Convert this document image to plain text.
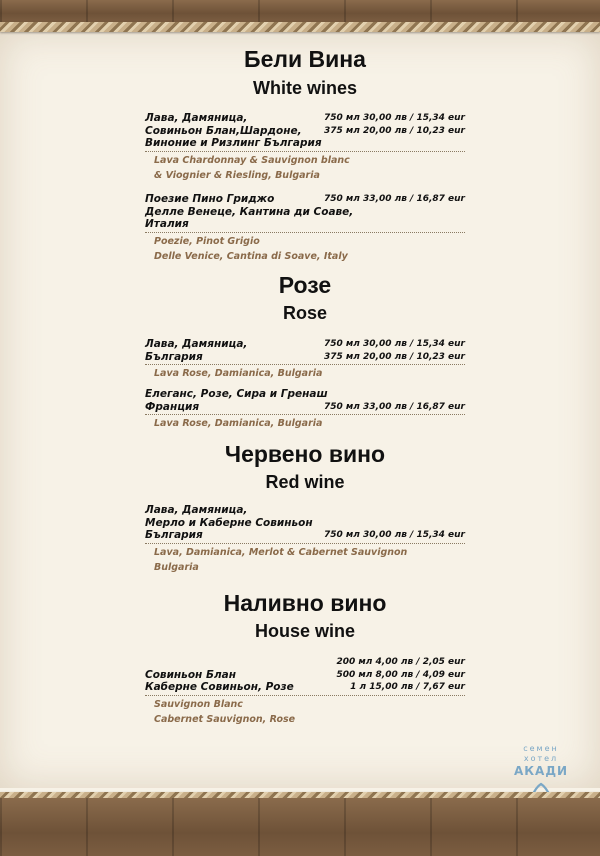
Бели Вина
White wines
Лава, Дамяница,	750 мл 30,00 лв / 15,34 eur
Совиньон Блан,Шардоне, 375 мл 20,00 лв / 10,23 eur
Виноние и Ризлинг България
Lava Chardonnay & Sauvignon blanc
& Viognier & Riesling, Bulgaria
Поезие Пино Гриджо	750 мл 33,00 лв / 16,87 eur
Делле Венеце, Кантина ди Соаве,
Италия
Poezie, Pinot Grigio
Delle Venice, Cantina di Soave, Italy
Розе
Rose
Лава, Дамяница,	750 мл 30,00 лв / 15,34 eur
България	375 мл 20,00 лв / 10,23 eur
Lava Rose, Damianica, Bulgaria
Елеганс, Розе, Сира и Гренаш
Франция	750 мл 33,00 лв / 16,87 eur
Lava Rose, Damianica, Bulgaria
Червено вино
Red wine
Лава, Дамяница,
Мерло и Каберне Совиньон
България	750 мл 30,00 лв / 15,34 eur
Lava, Damianica, Merlot & Cabernet Sauvignon
Bulgaria
Наливно вино
House wine
200 мл 4,00 лв / 2,05 eur
Совиньон Блан	500 мл 8,00 лв / 4,09 eur
Каберне Совиньон, Розе	1 л 15,00 лв / 7,67 eur
Sauvignon Blanc
Cabernet Sauvignon, Rose
семен
хотел
АКАДИ
